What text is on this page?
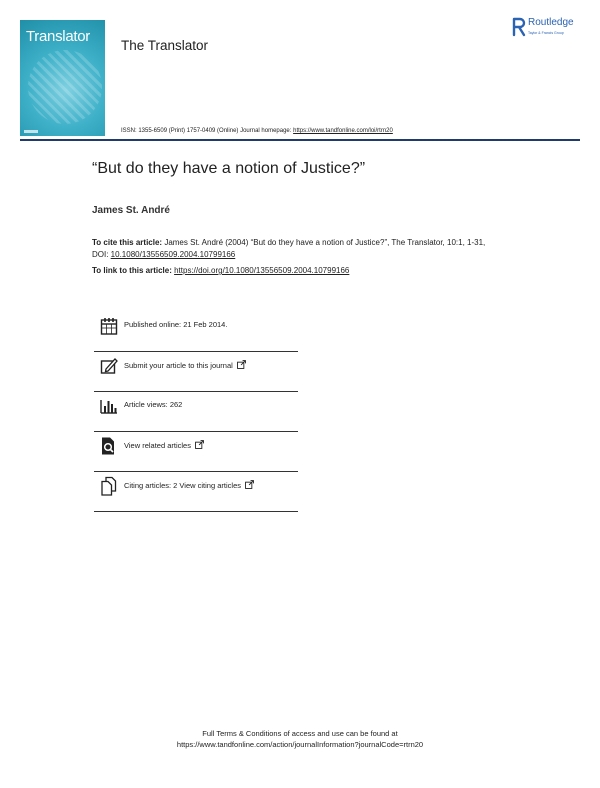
Translator
The Translator
Routledge
Taylor & Francis Group
ISSN: 1355-6509 (Print) 1757-0409 (Online) Journal homepage: https://www.tandfonline.com/loi/rtrn20
“But do they have a notion of Justice?”
James St. André
To cite this article: James St. André (2004) “But do they have a notion of Justice?”, The Translator, 10:1, 1-31, DOI: 10.1080/13556509.2004.10799166
To link to this article: https://doi.org/10.1080/13556509.2004.10799166
Published online: 21 Feb 2014.
Submit your article to this journal
Article views: 262
View related articles
Citing articles: 2 View citing articles
Full Terms & Conditions of access and use can be found at
https://www.tandfonline.com/action/journalInformation?journalCode=rtrn20
